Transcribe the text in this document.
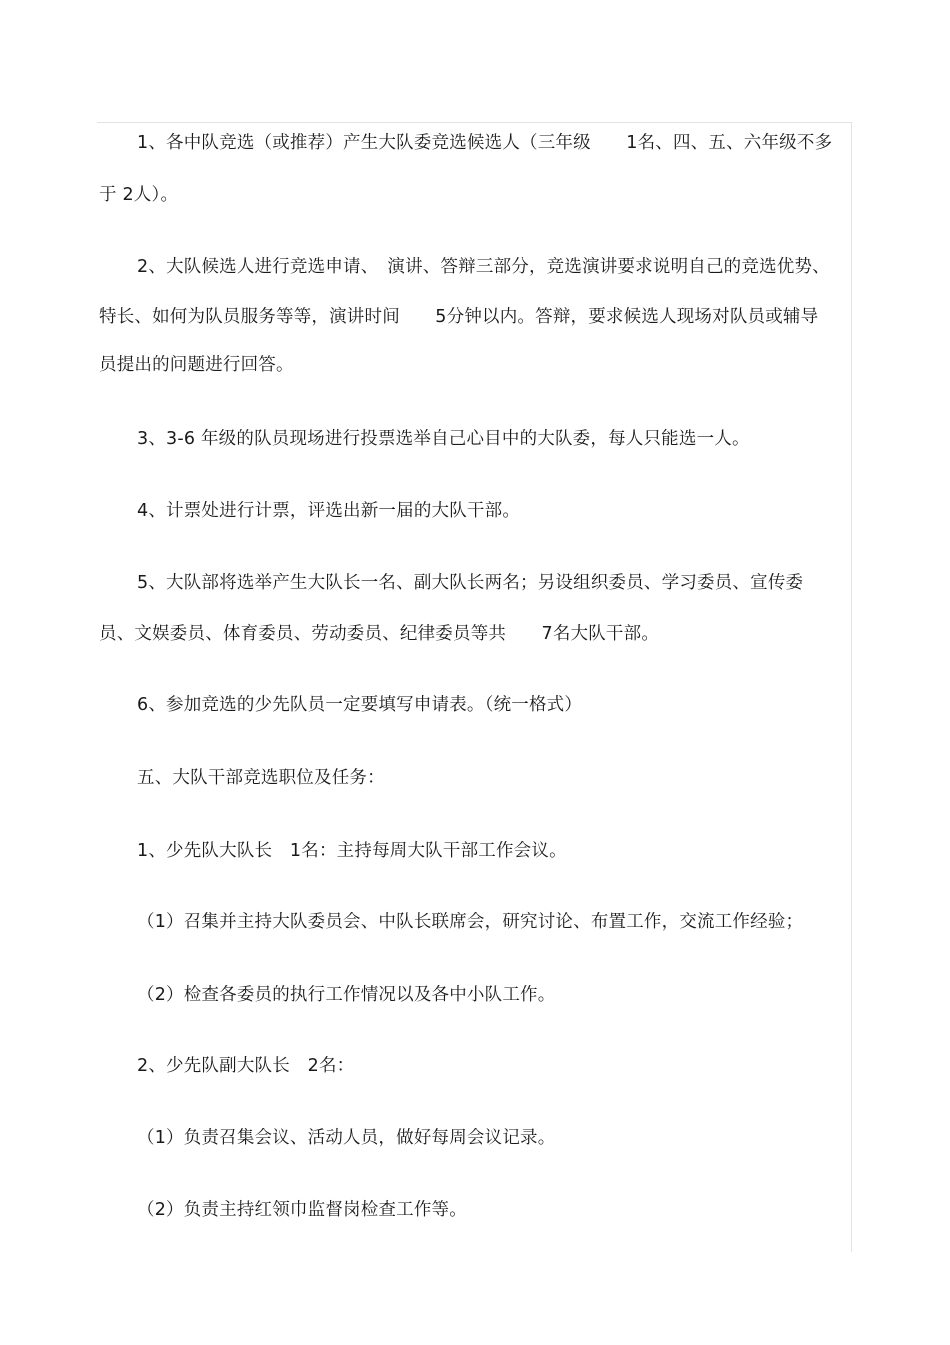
1、各中队竞选（或推荐）产生大队委竞选候选人（三年级　　1名、四、五、六年级不多
于 2人）。
2、大队候选人进行竞选申请、　演讲、答辩三部分，竞选演讲要求说明自己的竞选优势、
特长、如何为队员服务等等，演讲时间　　5分钟以内。答辩，要求候选人现场对队员或辅导
员提出的问题进行回答。
3、3-6 年级的队员现场进行投票选举自己心目中的大队委，每人只能选一人。
4、计票处进行计票，评选出新一届的大队干部。
5、大队部将选举产生大队长一名、副大队长两名；另设组织委员、学习委员、宣传委
员、文娱委员、体育委员、劳动委员、纪律委员等共　　7名大队干部。
6、参加竞选的少先队员一定要填写申请表。（统一格式）
五、大队干部竞选职位及任务：
1、少先队大队长　1名：主持每周大队干部工作会议。
（1）召集并主持大队委员会、中队长联席会，研究讨论、布置工作，交流工作经验；
（2）检查各委员的执行工作情况以及各中小队工作。
2、少先队副大队长　2名：
（1）负责召集会议、活动人员，做好每周会议记录。
（2）负责主持红领巾监督岗检查工作等。
